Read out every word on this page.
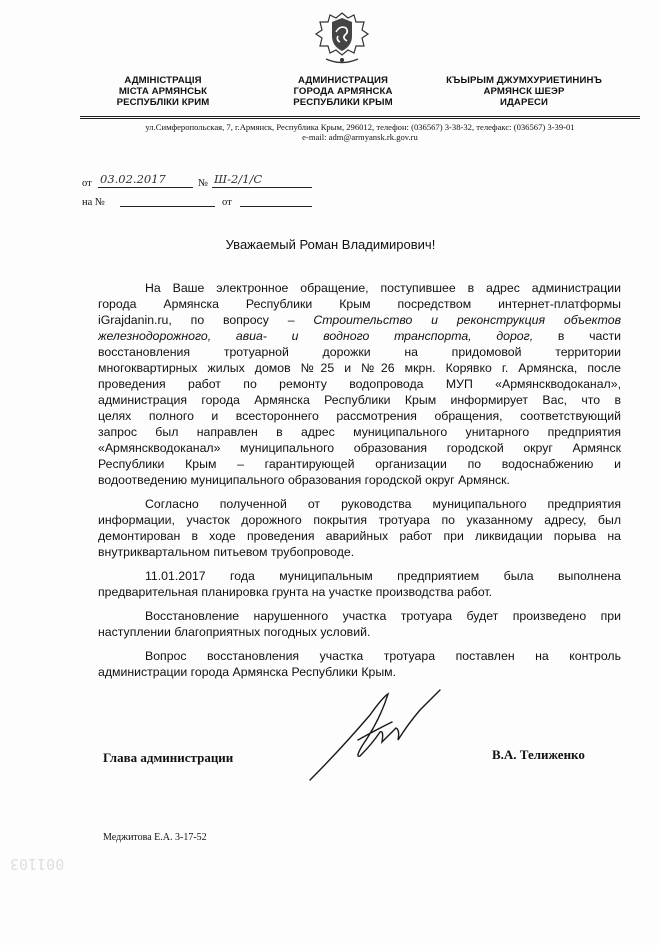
АДМІНІСТРАЦІЯ
МІСТА АРМЯНСЬК
РЕСПУБЛІКИ КРИМ
АДМИНИСТРАЦИЯ
ГОРОДА АРМЯНСКА
РЕСПУБЛИКИ КРЫМ
КЪЫРЫМ ДЖУМХУРИЕТИНИНЪ
АРМЯНСК ШЕЭР
ИДАРЕСИ
ул.Симферопольская, 7, г.Армянск, Республика Крым, 296012, телефон: (036567) 3-38-32, телефакс: (036567) 3-39-01
e-mail: adm@armyansk.rk.gov.ru
от 03.02.2017	№ Ш-2/1/С
на №	от
Уважаемый Роман Владимирович!
На Ваше электронное обращение, поступившее в адрес администрации
города Армянска Республики Крым посредством интернет-платформы
iGrajdanin.ru, по вопросу – Строительство и реконструкция объектов
железнодорожного, авиа- и водного транспорта, дорог, в части
восстановления тротуарной дорожки на придомовой территории
многоквартирных жилых домов №25 и №26 мкрн. Корявко г. Армянска, после
проведения работ по ремонту водопровода МУП «Армянскводоканал»,
администрация города Армянска Республики Крым информирует Вас, что в
целях полного и всестороннего рассмотрения обращения, соответствующий
запрос был направлен в адрес муниципального унитарного предприятия
«Армянскводоканал» муниципального образования городской округ Армянск
Республики Крым – гарантирующей организации по водоснабжению и
водоотведению муниципального образования городской округ Армянск.
Согласно полученной от руководства муниципального предприятия
информации, участок дорожного покрытия тротуара по указанному адресу, был
демонтирован в ходе проведения аварийных работ при ликвидации порыва на
внутриквартальном питьевом трубопроводе.
11.01.2017 года муниципальным предприятием была выполнена
предварительная планировка грунта на участке производства работ.
Восстановление нарушенного участка тротуара будет произведено при
наступлении благоприятных погодных условий.
Вопрос восстановления участка тротуара поставлен на контроль
администрации города Армянска Республики Крым.
Глава администрации	В.А. Телиженко
Меджитова Е.А. 3-17-52
001103
